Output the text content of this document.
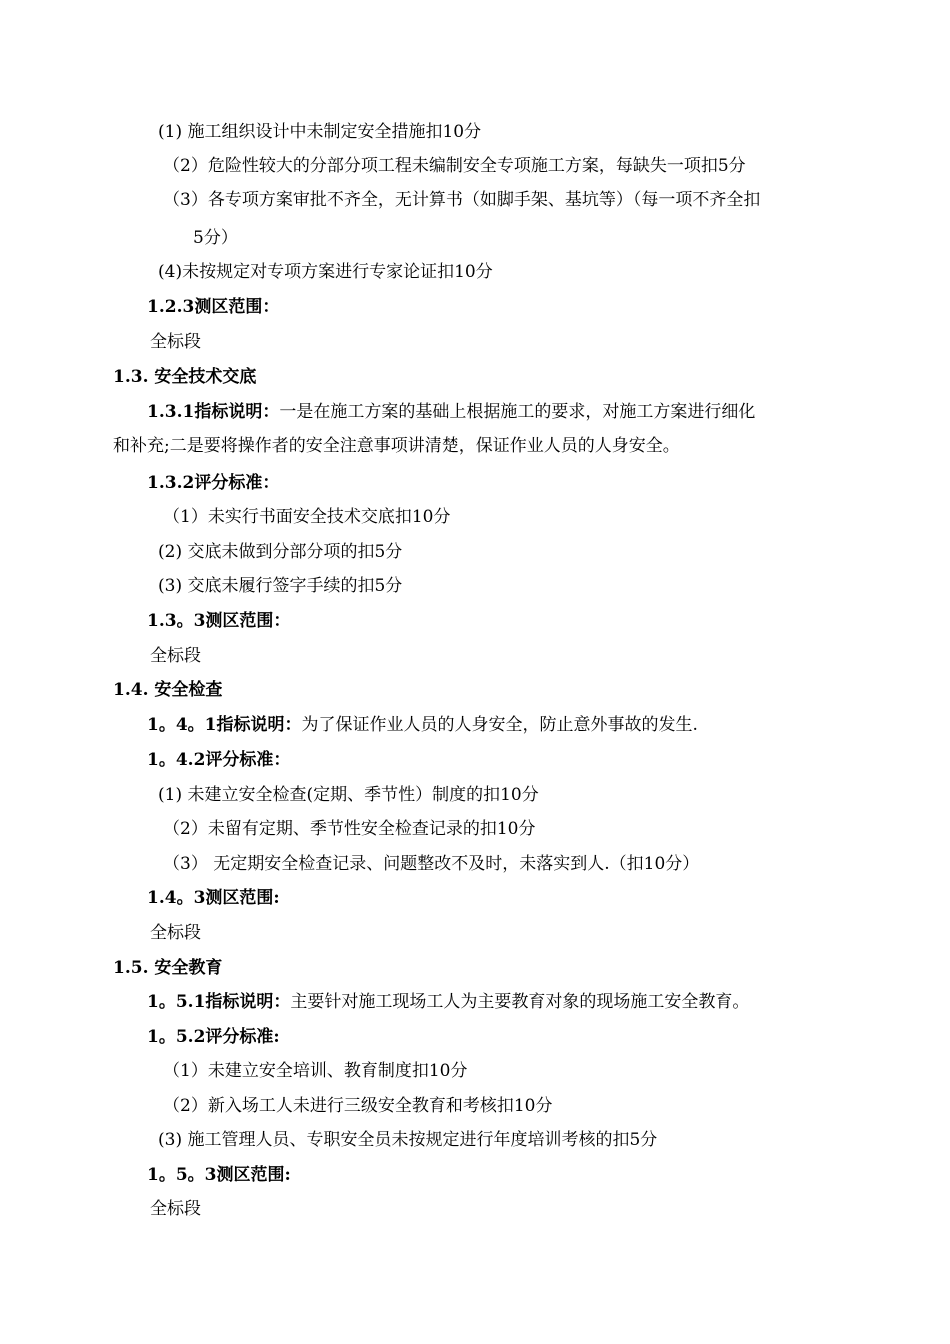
(1) 施工组织设计中未制定安全措施扣10分
（2）危险性较大的分部分项工程未编制安全专项施工方案，每缺失一项扣5分
（3）各专项方案审批不齐全，无计算书（如脚手架、基坑等）（每一项不齐全扣
5分）
(4)未按规定对专项方案进行专家论证扣10分
1.2.3测区范围：
全标段
1.3. 安全技术交底
1.3.1指标说明：一是在施工方案的基础上根据施工的要求，对施工方案进行细化
和补充;二是要将操作者的安全注意事项讲清楚，保证作业人员的人身安全。
1.3.2评分标准：
（1）未实行书面安全技术交底扣10分
(2) 交底未做到分部分项的扣5分
(3) 交底未履行签字手续的扣5分
1.3。3测区范围：
全标段
1.4. 安全检查
1。4。1指标说明：为了保证作业人员的人身安全，防止意外事故的发生.
1。4.2评分标准：
(1) 未建立安全检查(定期、季节性）制度的扣10分
（2）未留有定期、季节性安全检查记录的扣10分
（3） 无定期安全检查记录、问题整改不及时，未落实到人.（扣10分）
1.4。3测区范围:
全标段
1.5. 安全教育
1。5.1指标说明：主要针对施工现场工人为主要教育对象的现场施工安全教育。
1。5.2评分标准:
（1）未建立安全培训、教育制度扣10分
（2）新入场工人未进行三级安全教育和考核扣10分
(3) 施工管理人员、专职安全员未按规定进行年度培训考核的扣5分
1。5。3测区范围:
全标段
